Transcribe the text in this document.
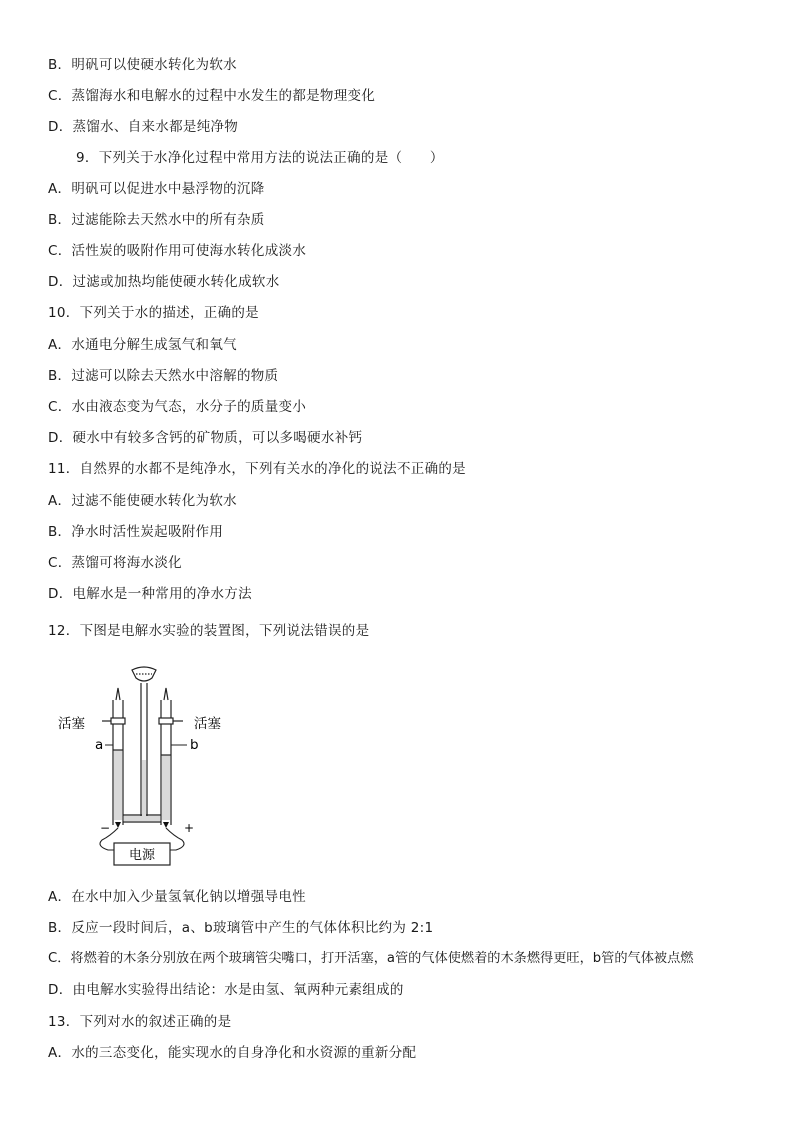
B．明矾可以使硬水转化为软水
C．蒸馏海水和电解水的过程中水发生的都是物理变化
D．蒸馏水、自来水都是纯净物
9．下列关于水净化过程中常用方法的说法正确的是（　　）
A．明矾可以促进水中悬浮物的沉降
B．过滤能除去天然水中的所有杂质
C．活性炭的吸附作用可使海水转化成淡水
D．过滤或加热均能使硬水转化成软水
10．下列关于水的描述，正确的是
A．水通电分解生成氢气和氧气
B．过滤可以除去天然水中溶解的物质
C．水由液态变为气态，水分子的质量变小
D．硬水中有较多含钙的矿物质，可以多喝硬水补钙
11．自然界的水都不是纯净水，下列有关水的净化的说法不正确的是
A．过滤不能使硬水转化为软水
B．净水时活性炭起吸附作用
C．蒸馏可将海水淡化
D．电解水是一种常用的净水方法
12．下图是电解水实验的装置图，下列说法错误的是
电源
−	+
活塞	活塞
a	b
A．在水中加入少量氢氧化钠以增强导电性
B．反应一段时间后，a、b玻璃管中产生的气体体积比约为 2:1
C．将燃着的木条分别放在两个玻璃管尖嘴口，打开活塞，a管的气体使燃着的木条燃得更旺，b管的气体被点燃
D．由电解水实验得出结论：水是由氢、氧两种元素组成的
13．下列对水的叙述正确的是
A．水的三态变化，能实现水的自身净化和水资源的重新分配
